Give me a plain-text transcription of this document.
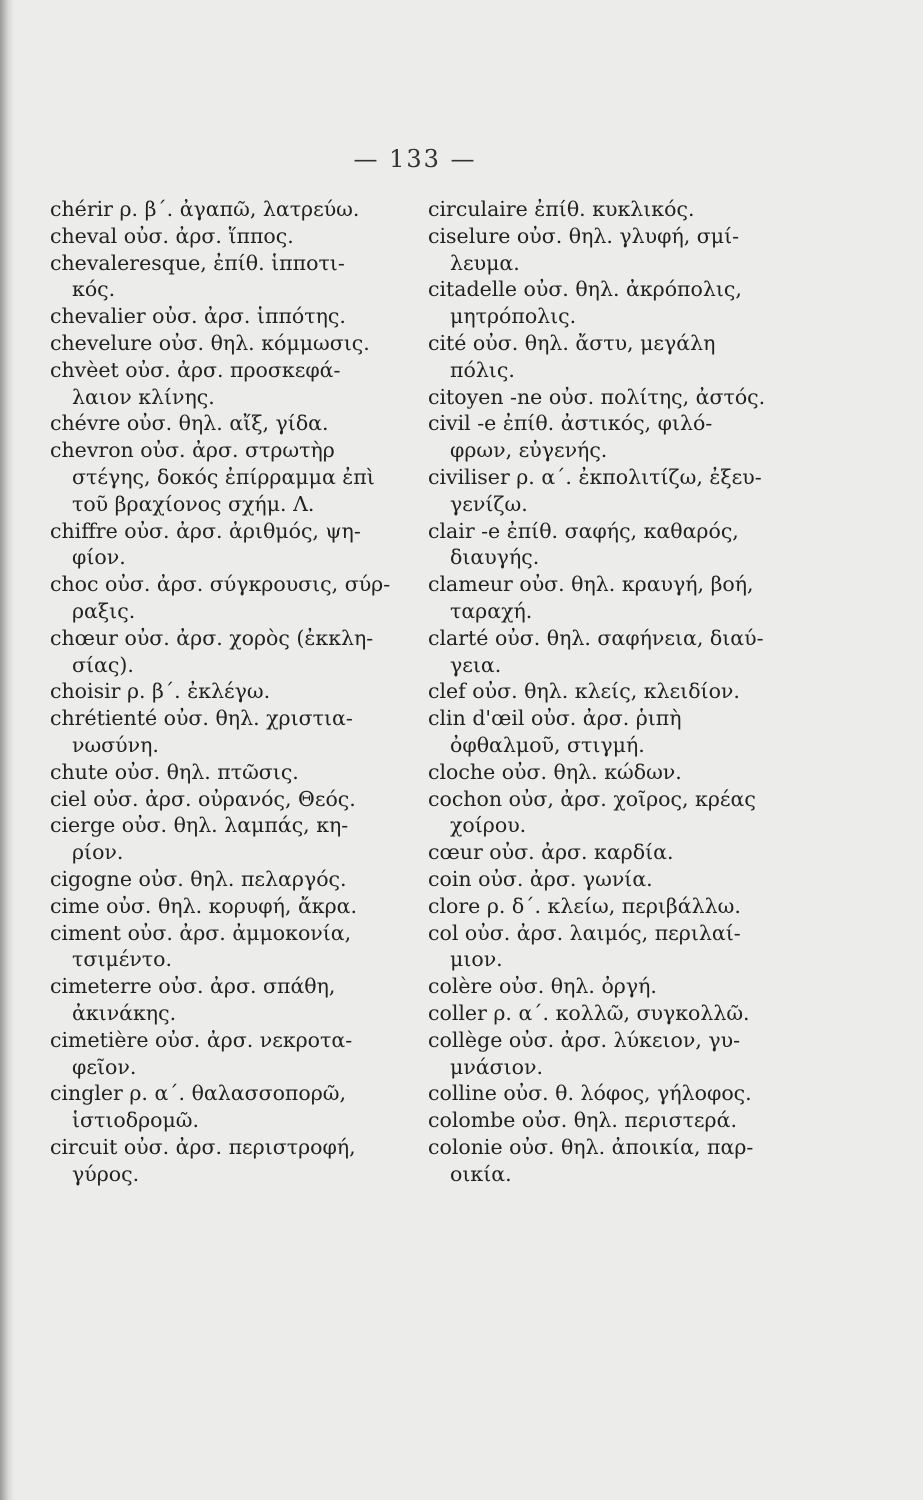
— 133 —
chérir ρ. β΄. ἀγαπῶ, λατρεύω.
cheval οὐσ. ἀρσ. ἵππος.
chevaleresque, ἐπίθ. ἱπποτι-
κός.
chevalier οὐσ. ἀρσ. ἱππότης.
chevelure οὐσ. θηλ. κόμμωσις.
chvèet οὐσ. ἀρσ. προσκεφά-
λαιον κλίνης.
chévre οὐσ. θηλ. αἴξ, γίδα.
chevron οὐσ. ἀρσ. στρωτὴρ
στέγης, δοκός ἐπίρραμμα ἐπὶ
τοῦ βραχίονος σχήμ. Λ.
chiffre οὐσ. ἀρσ. ἀριθμός, ψη-
φίον.
choc οὐσ. ἀρσ. σύγκρουσις, σύρ-
ραξις.
chœur οὐσ. ἀρσ. χορὸς (ἐκκλη-
σίας).
choisir ρ. β΄. ἐκλέγω.
chrétienté οὐσ. θηλ. χριστια-
νωσύνη.
chute οὐσ. θηλ. πτῶσις.
ciel οὐσ. ἀρσ. οὐρανός, Θεός.
cierge οὐσ. θηλ. λαμπάς, κη-
ρίον.
cigogne οὐσ. θηλ. πελαργός.
cime οὐσ. θηλ. κορυφή, ἄκρα.
ciment οὐσ. ἀρσ. ἀμμοκονία,
τσιμέντο.
cimeterre οὐσ. ἀρσ. σπάθη,
ἀκινάκης.
cimetière οὐσ. ἀρσ. νεκροτα-
φεῖον.
cingler ρ. α΄. θαλασσοπορῶ,
ἱστιοδρομῶ.
circuit οὐσ. ἀρσ. περιστροφή,
γύρος.
circulaire ἐπίθ. κυκλικός.
ciselure οὐσ. θηλ. γλυφή, σμί-
λευμα.
citadelle οὐσ. θηλ. ἀκρόπολις,
μητρόπολις.
cité οὐσ. θηλ. ἄστυ, μεγάλη
πόλις.
citoyen -ne οὐσ. πολίτης, ἀστός.
civil -e ἐπίθ. ἀστικός, φιλό-
φρων, εὐγενής.
civiliser ρ. α΄. ἐκπολιτίζω, ἐξευ-
γενίζω.
clair -e ἐπίθ. σαφής, καθαρός,
διαυγής.
clameur οὐσ. θηλ. κραυγή, βοή,
ταραχή.
clarté οὐσ. θηλ. σαφήνεια, διαύ-
γεια.
clef οὐσ. θηλ. κλείς, κλειδίον.
clin d'œil οὐσ. ἀρσ. ῥιπὴ
ὀφθαλμοῦ, στιγμή.
cloche οὐσ. θηλ. κώδων.
cochon οὐσ, ἀρσ. χοῖρος, κρέας
χοίρου.
cœur οὐσ. ἀρσ. καρδία.
coin οὐσ. ἀρσ. γωνία.
clore ρ. δ΄. κλείω, περιβάλλω.
col οὐσ. ἀρσ. λαιμός, περιλαί-
μιον.
colère οὐσ. θηλ. ὀργή.
coller ρ. α΄. κολλῶ, συγκολλῶ.
collège οὐσ. ἀρσ. λύκειον, γυ-
μνάσιον.
colline οὐσ. θ. λόφος, γήλοφος.
colombe οὐσ. θηλ. περιστερά.
colonie οὐσ. θηλ. ἀποικία, παρ-
οικία.
